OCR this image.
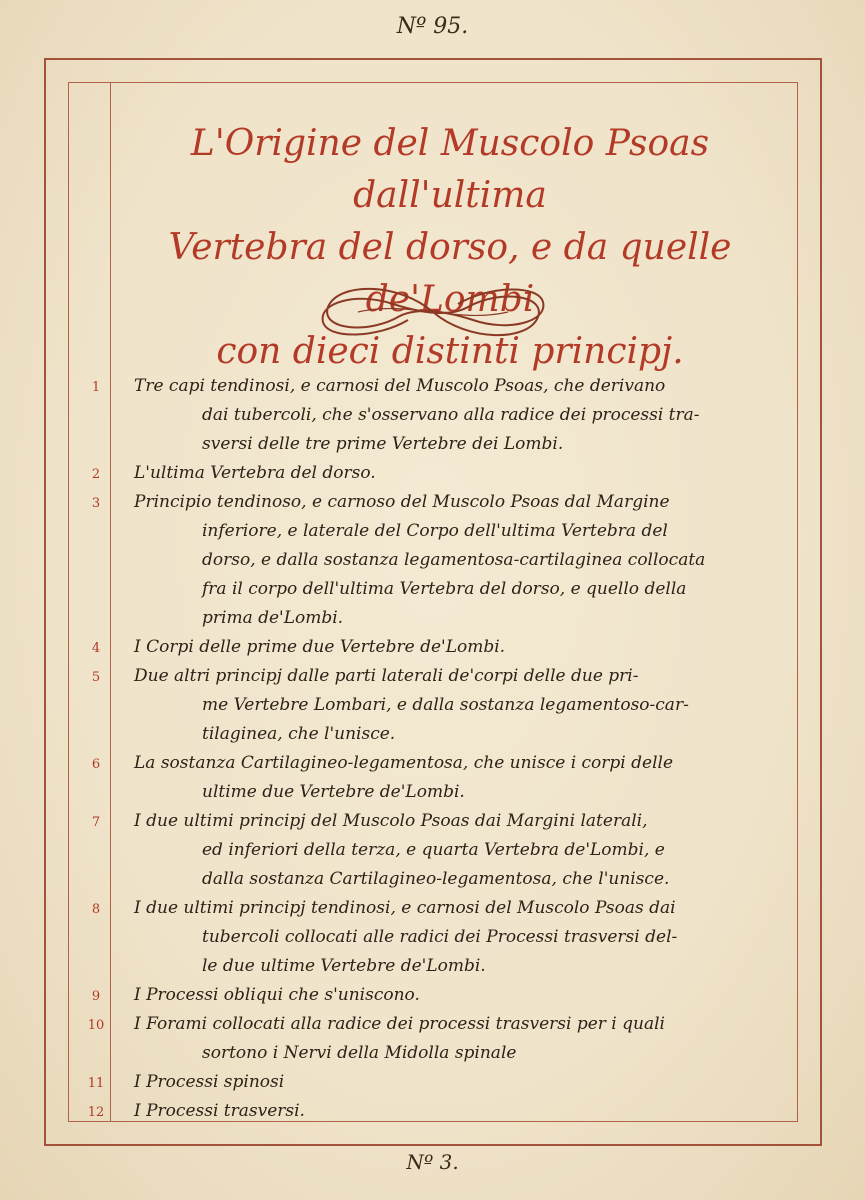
Nº 95.
L'Origine del Muscolo Psoas dall'ultima
Vertebra del dorso, e da quelle de'Lombi
con dieci distinti principj.
1	Tre capi tendinosi, e carnosi del Muscolo Psoas, che derivano
dai tubercoli, che s'osservano alla radice dei processi tra-
sversi delle tre prime Vertebre dei Lombi.
2	L'ultima Vertebra del dorso.
3	Principio tendinoso, e carnoso del Muscolo Psoas dal Margine
inferiore, e laterale del Corpo dell'ultima Vertebra del
dorso, e dalla sostanza legamentosa-cartilaginea collocata
fra il corpo dell'ultima Vertebra del dorso, e quello della
prima de'Lombi.
4	I Corpi delle prime due Vertebre de'Lombi.
5	Due altri principj dalle parti laterali de'corpi delle due pri-
me Vertebre Lombari, e dalla sostanza legamentoso-car-
tilaginea, che l'unisce.
6	La sostanza Cartilagineo-legamentosa, che unisce i corpi delle
ultime due Vertebre de'Lombi.
7	I due ultimi principj del Muscolo Psoas dai Margini laterali,
ed inferiori della terza, e quarta Vertebra de'Lombi, e
dalla sostanza Cartilagineo-legamentosa, che l'unisce.
8	I due ultimi principj tendinosi, e carnosi del Muscolo Psoas dai
tubercoli collocati alle radici dei Processi trasversi del-
le due ultime Vertebre de'Lombi.
9	I Processi obliqui che s'uniscono.
10	I Forami collocati alla radice dei processi trasversi per i quali
sortono i Nervi della Midolla spinale
11	I Processi spinosi
12	I Processi trasversi.
Nº 3.
